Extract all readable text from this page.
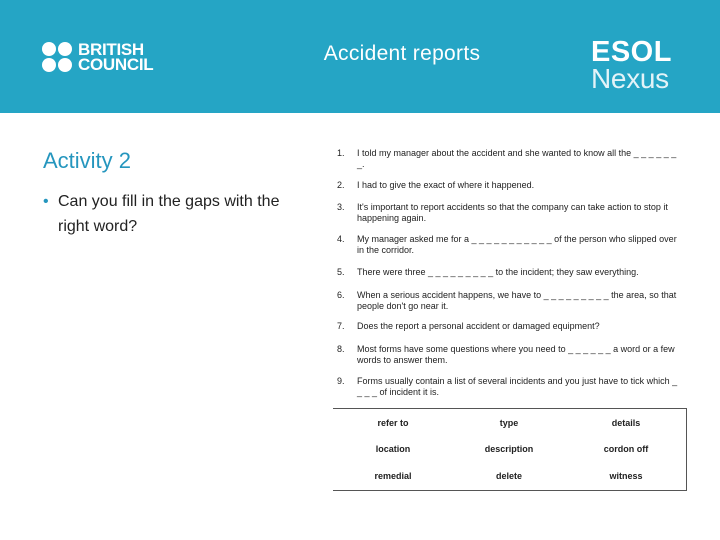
BRITISH
COUNCIL	Accident reports	ESOL
Nexus
Activity 2
• Can you fill in the gaps with the right word?
1. I told my manager about the accident and she wanted to know all the _ _ _ _ _ _ _.
2. I had to give the exact of where it happened.
3. It's important to report accidents so that the company can take action to stop it happening again.
4. My manager asked me for a _ _ _ _ _ _ _ _ _ _ _ of the person who slipped over in the corridor.
5. There were three _ _ _ _ _ _ _ _ _ to the incident; they saw everything.
6. When a serious accident happens, we have to _ _ _ _ _ _ _ _ _ the area, so that people don't go near it.
7. Does the report a personal accident or damaged equipment?
8. Most forms have some questions where you need to _ _ _ _ _ _ a word or a few words to answer them.
9. Forms usually contain a list of several incidents and you just have to tick which _ _ _ _ of incident it is.
refer to	type	details
location	description	cordon off
remedial	delete	witness
